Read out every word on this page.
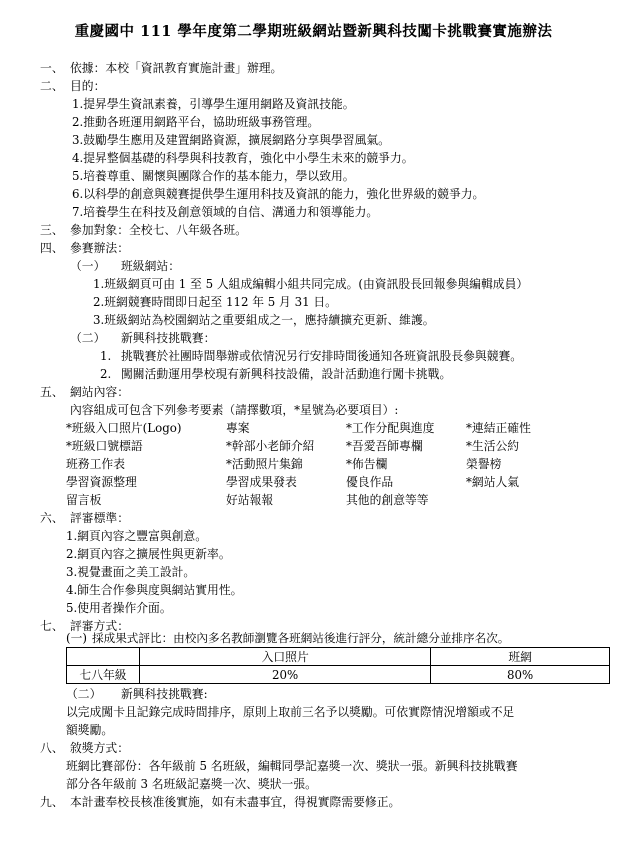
重慶國中 111 學年度第二學期班級網站暨新興科技闖卡挑戰賽實施辦法
一、 依據：本校「資訊教育實施計畫」辦理。
二、 目的：
1.提昇學生資訊素養，引導學生運用網路及資訊技能。
2.推動各班運用網路平台，協助班級事務管理。
3.鼓勵學生應用及建置網路資源，擴展網路分享與學習風氣。
4.提昇整個基礎的科學與科技教育，強化中小學生未來的競爭力。
5.培養尊重、關懷與團隊合作的基本能力，學以致用。
6.以科學的創意與競賽提供學生運用科技及資訊的能力，強化世界級的競爭力。
7.培養學生在科技及創意領域的自信、溝通力和領導能力。
三、 參加對象：全校七、八年級各班。
四、 參賽辦法：
（一） 班級網站：
1.班級網頁可由 1 至 5 人組成編輯小組共同完成。(由資訊股長回報參與編輯成員）
2.班網競賽時間即日起至 112 年 5 月 31 日。
3.班級網站為校園網站之重要組成之一，應持續擴充更新、維護。
（二） 新興科技挑戰賽：
1. 挑戰賽於社團時間舉辦或依情況另行安排時間後通知各班資訊股長參與競賽。
2. 闖關活動運用學校現有新興科技設備，設計活動進行闖卡挑戰。
五、 網站內容：
內容組成可包含下列參考要素（請擇數項，*星號為必要項目）:
*班級入口照片(Logo)	專案	*工作分配與進度	*連結正確性
*班級口號標語	*幹部小老師介紹	*吾愛吾師專欄	*生活公約
班務工作表	*活動照片集錦	*佈告欄	榮譽榜
學習資源整理	學習成果發表	優良作品	*網站人氣
留言板	好站報報	其他的創意等等
六、 評審標準：
1.網頁內容之豐富與創意。
2.網頁內容之擴展性與更新率。
3.視覺畫面之美工設計。
4.師生合作參與度與網站實用性。
5.使用者操作介面。
七、 評審方式：
(一) 採成果式評比：由校內多名教師瀏覽各班網站後進行評分，統計總分並排序名次。
	入口照片	班網
七八年級	20%	80%
（二） 新興科技挑戰賽:
以完成闖卡且記錄完成時間排序，原則上取前三名予以獎勵。可依實際情況增額或不足
額獎勵。
八、 敘獎方式：
班網比賽部份：各年級前 5 名班級，編輯同學記嘉獎一次、獎狀一張。新興科技挑戰賽
部分各年級前 3 名班級記嘉獎一次、獎狀一張。
九、 本計畫奉校長核准後實施，如有未盡事宜，得視實際需要修正。
